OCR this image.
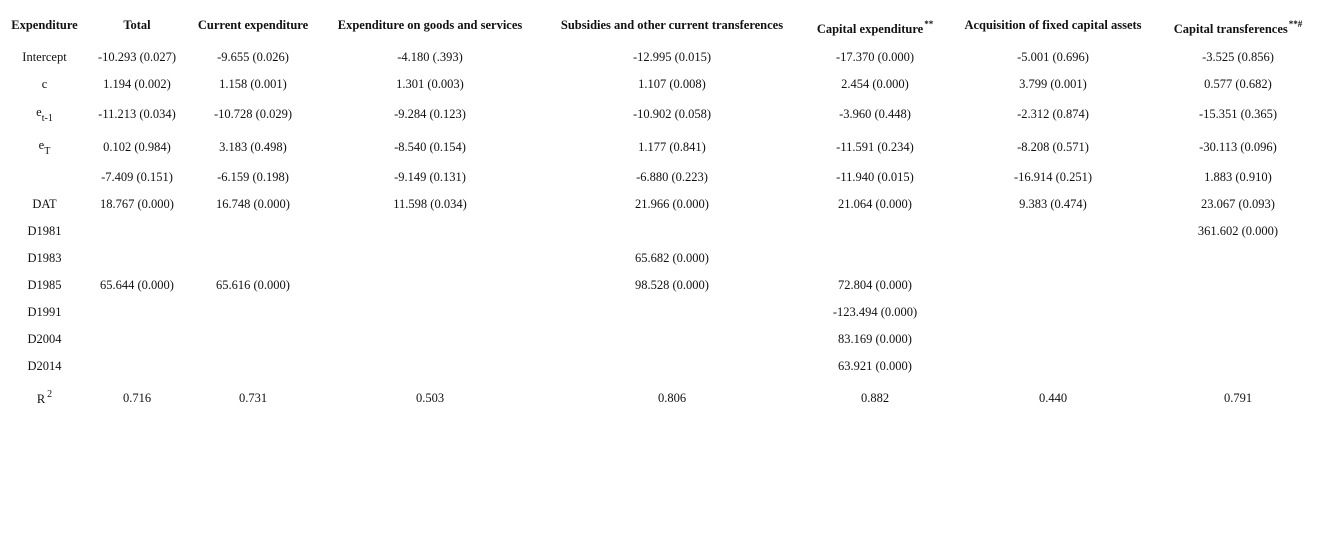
Expenditure	Total	Current expenditure	Expenditure on goods and services	Subsidies and other current transferences	Capital expenditure**	Acquisition of fixed capital assets	Capital transferences**#
Intercept	-10.293 (0.027)	-9.655 (0.026)	-4.180 (.393)	-12.995 (0.015)	-17.370 (0.000)	-5.001 (0.696)	-3.525 (0.856)
c	1.194 (0.002)	1.158 (0.001)	1.301 (0.003)	1.107 (0.008)	2.454 (0.000)	3.799 (0.001)	0.577 (0.682)
$e_{t-1}$	-11.213 (0.034)	-10.728 (0.029)	-9.284 (0.123)	-10.902 (0.058)	-3.960 (0.448)	-2.312 (0.874)	-15.351 (0.365)
$e_T$	0.102 (0.984)	3.183 (0.498)	-8.540 (0.154)	1.177 (0.841)	-11.591 (0.234)	-8.208 (0.571)	-30.113 (0.096)
	-7.409 (0.151)	-6.159 (0.198)	-9.149 (0.131)	-6.880 (0.223)	-11.940 (0.015)	-16.914 (0.251)	1.883 (0.910)
DAT	18.767 (0.000)	16.748 (0.000)	11.598 (0.034)	21.966 (0.000)	21.064 (0.000)	9.383 (0.474)	23.067 (0.093)
D1981							361.602 (0.000)
D1983				65.682 (0.000)			
D1985	65.644 (0.000)	65.616 (0.000)		98.528 (0.000)	72.804 (0.000)		
D1991					-123.494 (0.000)		
D2004					83.169 (0.000)		
D2014					63.921 (0.000)		
R $^2$	0.716	0.731	0.503	0.806	0.882	0.440	0.791
